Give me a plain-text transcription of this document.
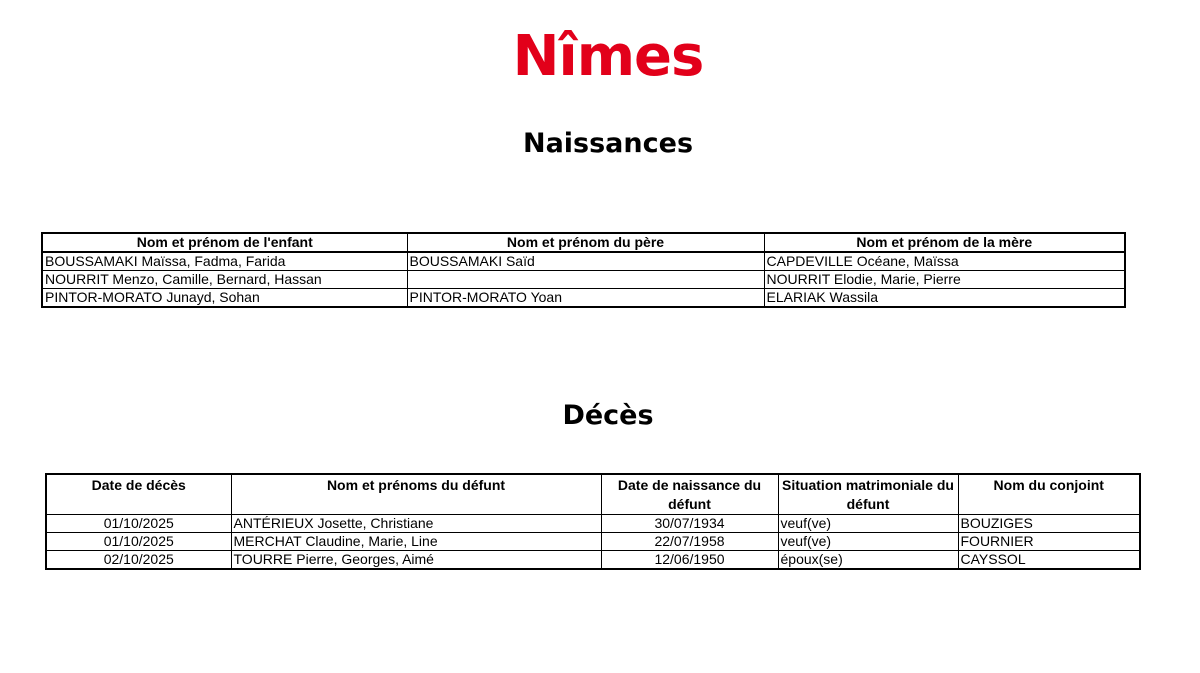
Nîmes
Naissances
Nom et prénom de l'enfant	Nom et prénom du père	Nom et prénom de la mère
BOUSSAMAKI Maïssa, Fadma, Farida	BOUSSAMAKI Saïd	CAPDEVILLE Océane, Maïssa
NOURRIT Menzo, Camille, Bernard, Hassan		NOURRIT Elodie, Marie, Pierre
PINTOR-MORATO Junayd, Sohan	PINTOR-MORATO Yoan	ELARIAK Wassila
Décès
Date de décès	Nom et prénoms du défunt	Date de naissance du défunt	Situation matrimoniale du défunt	Nom du conjoint
01/10/2025	ANTÉRIEUX Josette, Christiane	30/07/1934	veuf(ve)	BOUZIGES
01/10/2025	MERCHAT Claudine, Marie, Line	22/07/1958	veuf(ve)	FOURNIER
02/10/2025	TOURRE Pierre, Georges, Aimé	12/06/1950	époux(se)	CAYSSOL
